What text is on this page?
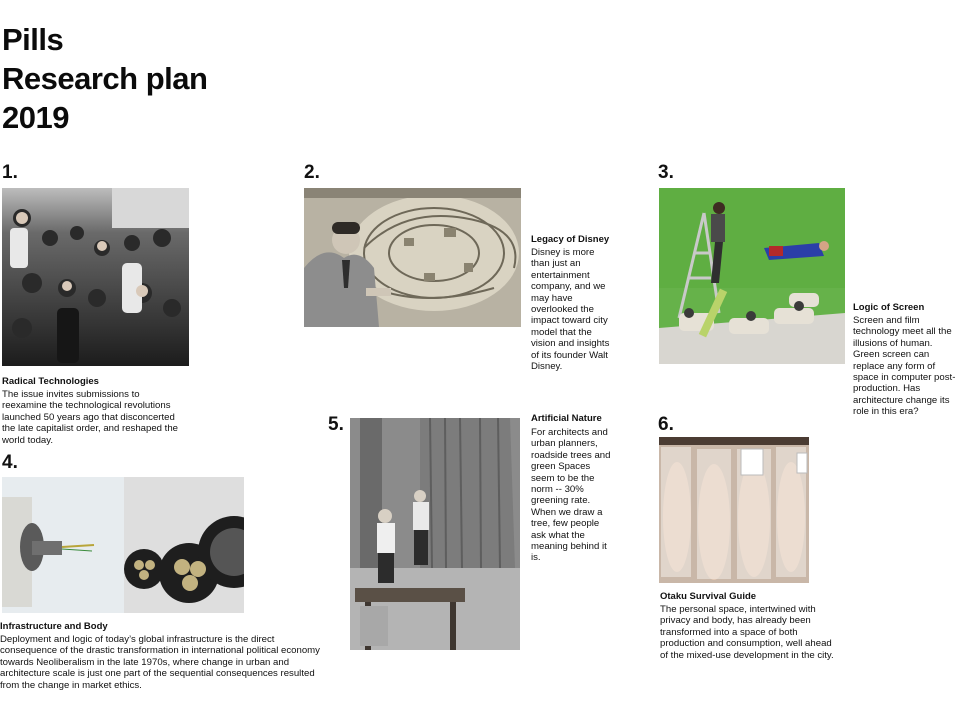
Pills
Research plan
2019
1.
Radical Technologies
The issue invites submissions to reexamine the technological revolutions launched 50 years ago that disconcerted the late capitalist order, and reshaped the world today.
2.
Legacy of Disney
Disney is more than just an entertainment company, and we may have overlooked the impact toward city model that the vision and insights of its founder Walt Disney.
3.
Logic of Screen
Screen and film technology meet all the illusions of human. Green screen can replace any form of space in computer post-production. Has architecture change its role in this era?
4.
Infrastructure and Body
Deployment and logic of today’s global infrastructure is the direct consequence of the drastic transformation in international political economy towards Neoliberalism in the late 1970s, where change in urban and architecture scale is just one part of the sequential consequences resulted from the change in market ethics.
5.	Artificial Nature
For architects and urban planners, roadside trees and green Spaces seem to be the norm -- 30% greening rate. When we draw a tree, few people ask what the meaning behind it is.
6.
Otaku Survival Guide
The personal space, intertwined with privacy and body, has already been transformed into a space of both production and consumption, well ahead of the mixed-use development in the city.
